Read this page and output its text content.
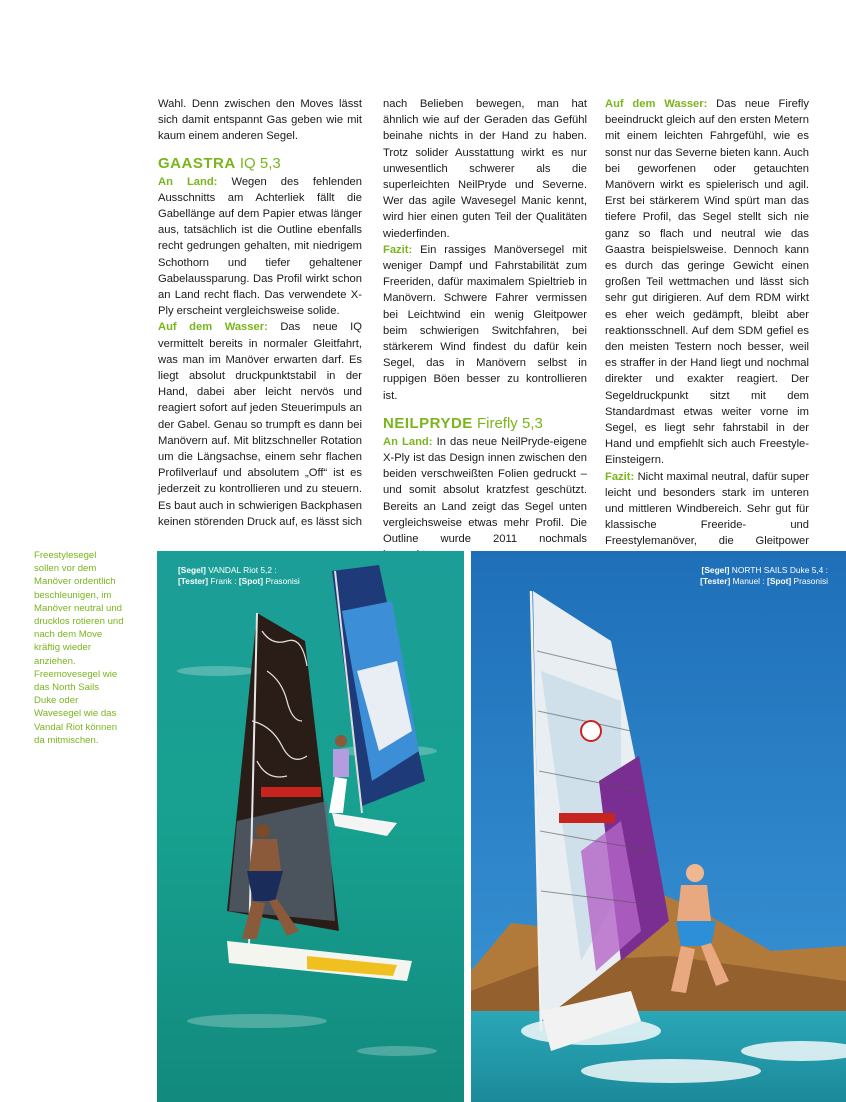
Wahl. Denn zwischen den Moves lässt sich damit entspannt Gas geben wie mit kaum einem anderen Segel.

GAASTRA IQ 5,3

An Land: Wegen des fehlenden Ausschnitts am Achterliek fällt die Gabellänge auf dem Papier etwas länger aus, tatsächlich ist die Outline ebenfalls recht gedrungen gehalten, mit niedrigem Schothorn und tiefer gehaltener Gabelaussparung. Das Profil wirkt schon an Land recht flach. Das verwendete X-Ply erscheint vergleichsweise solide.

Auf dem Wasser: Das neue IQ vermittelt bereits in normaler Gleitfahrt, was man im Manöver erwarten darf. Es liegt absolut druckpunktstabil in der Hand, dabei aber leicht nervös und reagiert sofort auf jeden Steuerimpuls an der Gabel. Genau so trumpft es dann bei Manövern auf. Mit blitzschneller Rotation um die Längsachse, einem sehr flachen Profilverlauf und absolutem „Off“ ist es jederzeit zu kontrollieren und zu steuern. Es baut auch in schwierigen Backphasen keinen störenden Druck auf, es lässt sich

nach Belieben bewegen, man hat ähnlich wie auf der Geraden das Gefühl beinahe nichts in der Hand zu haben. Trotz solider Ausstattung wirkt es nur unwesentlich schwerer als die superleichten NeilPryde und Severne. Wer das agile Wavesegel Manic kennt, wird hier einen guten Teil der Qualitäten wiederfinden.

Fazit: Ein rassiges Manöversegel mit weniger Dampf und Fahrstabilität zum Freeriden, dafür maximalem Spieltrieb in Manövern. Schwere Fahrer vermissen bei Leichtwind ein wenig Gleitpower beim schwierigen Switchfahren, bei stärkerem Wind findest du dafür kein Segel, das in Manövern selbst in ruppigen Böen besser zu kontrollieren ist.

NEILPRYDE Firefly 5,3

An Land: In das neue NeilPryde-eigene X-Ply ist das Design innen zwischen den beiden verschweißten Folien gedruckt – und somit absolut kratzfest geschützt. Bereits an Land zeigt das Segel unten vergleichsweise etwas mehr Profil. Die Outline wurde 2011 nochmals

Auf dem Wasser: Das neue Firefly beeindruckt gleich auf den ersten Metern mit einem leichten Fahrgefühl, wie es sonst nur das Severne bieten kann. Auch bei geworfenen oder getauchten Manövern wirkt es spielerisch und agil. Erst bei stärkerem Wind spürt man das tiefere Profil, das Segel stellt sich nie ganz so flach und neutral wie das Gaastra beispielsweise. Dennoch kann es durch das geringe Gewicht einen großen Teil wettmachen und lässt sich sehr gut dirigieren. Auf dem RDM wirkt es eher weich gedämpft, bleibt aber reaktionsschnell. Auf dem SDM gefiel es den meisten Testern noch besser, weil es straffer in der Hand liegt und nochmal direkter und exakter reagiert. Der Segeldruckpunkt sitzt mit dem Standardmast etwas weiter vorne im Segel, es liegt sehr fahrstabil in der Hand und empfiehlt sich auch Freestyle-Einsteigern.

Fazit: Nicht maximal neutral, dafür super leicht und besonders stark im unteren und mittleren Windbereich. Sehr gut für klassische Freeride- und Freestylemanöver, die Gleitpower

Freestylesegel sollen vor dem Manöver ordentlich beschleunigen, im Manöver neutral und drucklos rotieren und nach dem Move kräftig wieder anziehen. Freemovesegel wie das North Sails Duke oder Wavesegel wie das Vandal Riot können da mitmischen.
[Segel] VANDAL Riot 5,2 :
[Tester] Frank : [Spot] Prasonisi
[Segel] NORTH SAILS Duke 5,4 :
[Tester] Manuel : [Spot] Prasonisi
